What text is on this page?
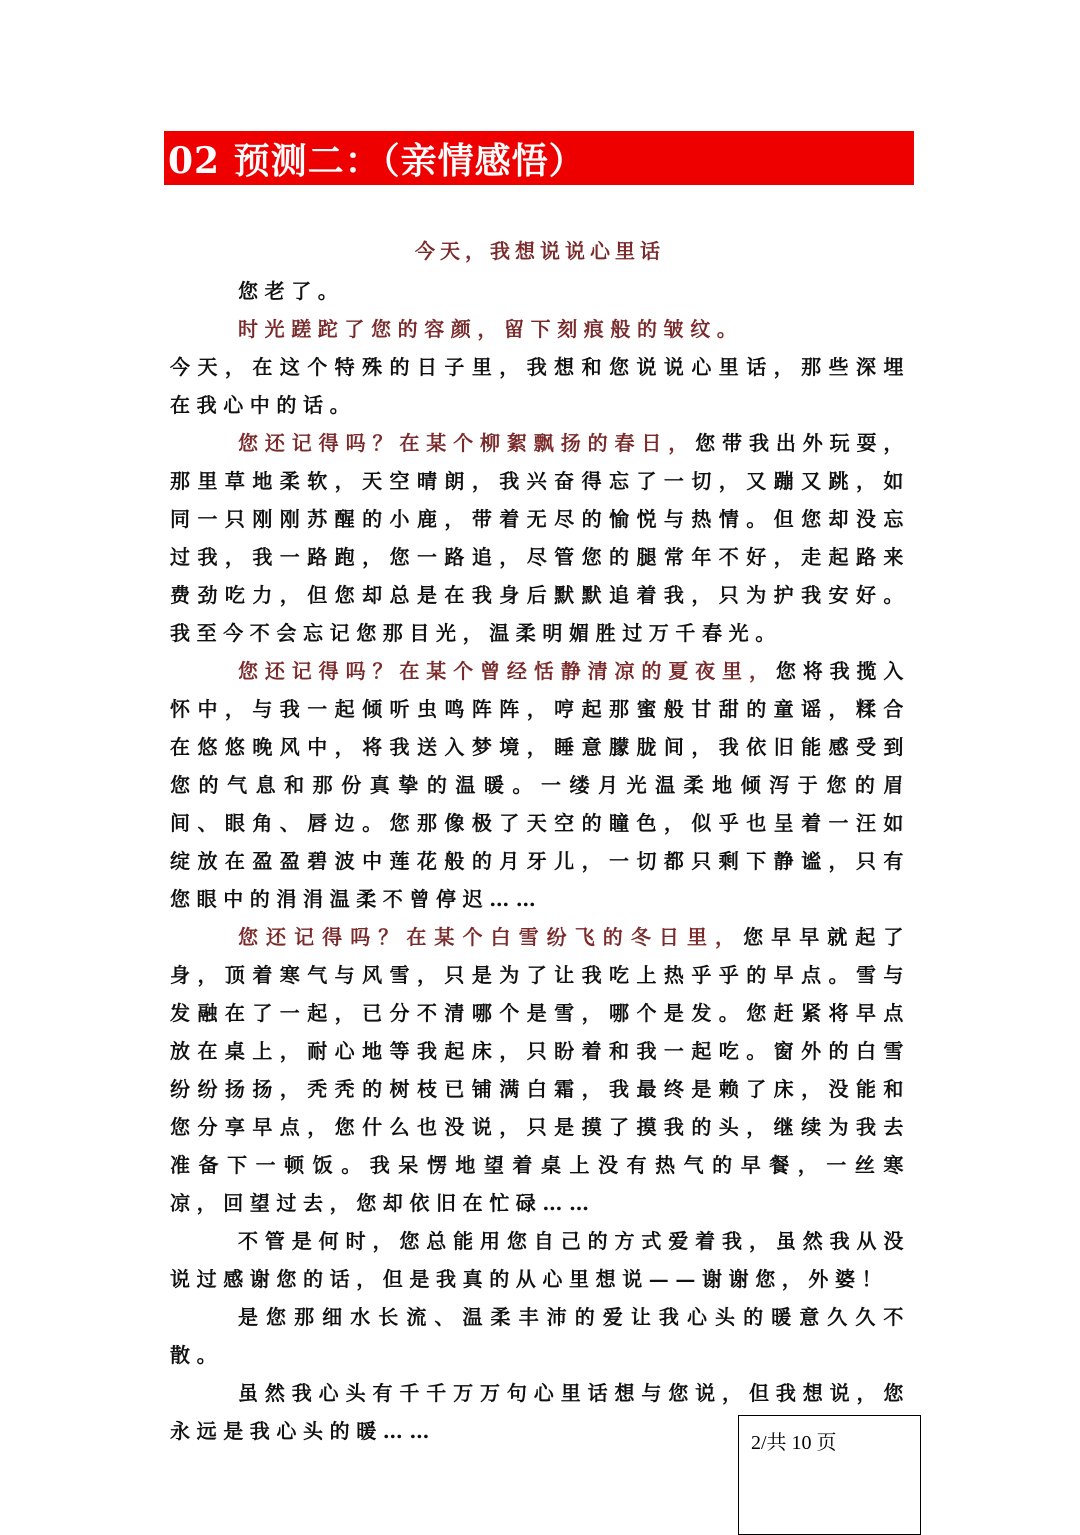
02 预测二：（亲情感悟）

今天，我想说说心里话

您老了。

时光蹉跎了您的容颜，留下刻痕般的皱纹。

今天，在这个特殊的日子里，我想和您说说心里话，那些深埋在我心中的话。

您还记得吗？在某个柳絮飘扬的春日，您带我出外玩耍，那里草地柔软，天空晴朗，我兴奋得忘了一切，又蹦又跳，如同一只刚刚苏醒的小鹿，带着无尽的愉悦与热情。但您却没忘过我，我一路跑，您一路追，尽管您的腿常年不好，走起路来费劲吃力，但您却总是在我身后默默追着我，只为护我安好。我至今不会忘记您那目光，温柔明媚胜过万千春光。

您还记得吗？在某个曾经恬静清凉的夏夜里，您将我揽入怀中，与我一起倾听虫鸣阵阵，哼起那蜜般甘甜的童谣，糅合在悠悠晚风中，将我送入梦境，睡意朦胧间，我依旧能感受到您的气息和那份真挚的温暖。一缕月光温柔地倾泻于您的眉间、眼角、唇边。您那像极了天空的瞳色，似乎也呈着一汪如绽放在盈盈碧波中莲花般的月牙儿，一切都只剩下静谧，只有您眼中的涓涓温柔不曾停迟……

您还记得吗？在某个白雪纷飞的冬日里，您早早就起了身，顶着寒气与风雪，只是为了让我吃上热乎乎的早点。雪与发融在了一起，已分不清哪个是雪，哪个是发。您赶紧将早点放在桌上，耐心地等我起床，只盼着和我一起吃。窗外的白雪纷纷扬扬，秃秃的树枝已铺满白霜，我最终是赖了床，没能和您分享早点，您什么也没说，只是摸了摸我的头，继续为我去准备下一顿饭。我呆愣地望着桌上没有热气的早餐，一丝寒凉，回望过去，您却依旧在忙碌……

不管是何时，您总能用您自己的方式爱着我，虽然我从没说过感谢您的话，但是我真的从心里想说——谢谢您，外婆！

是您那细水长流、温柔丰沛的爱让我心头的暖意久久不散。

虽然我心头有千千万万句心里话想与您说，但我想说，您永远是我心头的暖……	2/共 10 页
